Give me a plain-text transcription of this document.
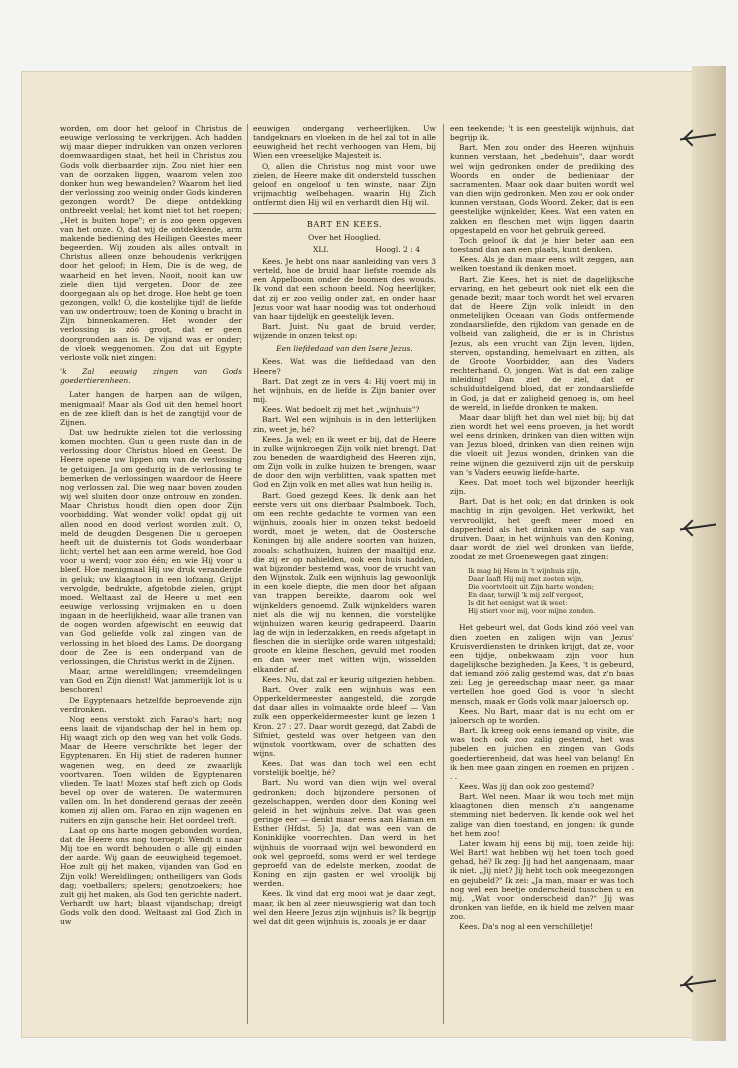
worden, om door het geloof in Christus de eeuwige verlossing te verkrijgen. Ach hadden wij maar dieper indrukken van onzen verloren doemwaardigen staat, het heil in Christus zou Gods volk dierbaarder zijn. Zou niet hier een van de oorzaken liggen, waarom velen zoo donker hun weg bewandelen? Waarom het lied der verlossing zoo weinig onder Gods kinderen gezongen wordt? De diepe ontdekking ontbreekt veelal; het komt niet tot het roepen; „Het is buiten hope"; er is zoo geen opgeven van het onze. O, dat wij de ontdekkende, arm makende bediening des Heiligen Geestes meer begeerden. Wij zouden als alles ontvalt in Christus alleen onze behoudenis verkrijgen door het geloof; in Hem, Die is de weg, de waarheid en het leven. Nooit, nooit kan uw ziele dien tijd vergeten. Door de zee doorgegaan als op het droge. Hoe hebt ge toen gezongen, volk! O, die kostelijke tijd! de liefde van uw ondertrouw; toen de Koning u bracht in Zijn binnenkameren. Het wonder der verlossing is zóó groot, dat er geen doorgronden aan is. De vijand was er onder; de vloek weggenomen. Zou dat uit Egypte verloste volk niet zingen:

'k Zal eeuwig zingen van Gods goedertierenheen.

Later hangen de harpen aan de wilgen, menigmaal! Maar als God uit den hemel hoort en de zee klieft dan is het de zangtijd voor de Zijnen.

Dat uw bedrukte zielen tot die verlossing komen mochten. Gun u geen ruste dan in de verlossing door Christus bloed en Geest. De Heere opene uw lippen om van de verlossing te getuigen. Ja om gedurig in de verlossing te bemerken de verlossingen waardoor de Heere nog verlossen zal. Die weg naar boven zouden wij wel sluiten door onze ontrouw en zonden. Maar Christus houdt dien open door Zijn voorbidding. Wat wonder volk! opdat gij uit allen nood en dood verlost worden zult. O, meld de deugden Desgenen Die u geroepen heeft uit de duisternis tot Gods wonderbaar licht; vertel het aan een arme wereld, hoe God voor u werd; voor zoo één; en wie Hij voor u bleef. Hoe menigmaal Hij uw druk veranderde in geluk; uw klaagtoon in een lofzang. Grijpt vervolgde, bedrukte, afgetobde zielen, grijpt moed. Weltaast zal de Heere u met een eeuwige verlossing vrijmaken en u doen ingaan in de heerlijkheid, waar alle tranen van de oogen worden afgewischt en eeuwig dat van God geliefde volk zal zingen van de verlossing in het bloed des Lams. De doorgang door de Zee is een onderpand van de verlossingen, die Christus werkt in de Zijnen.

Maar, arme wereldlingen; vreemdelingen van God en Zijn dienst! Wat jammerlijk lot is u beschoren!

De Egyptenaars hetzelfde beproevende zijn verdronken.

Nog eens verstokt zich Farao's hart; nog eens laait de vijandschap der hel in hem op. Hij waagt zich op den weg van het volk Gods. Maar de Heere verschrikte het leger der Egyptenaren. En Hij stiet de raderen hunner wagenen weg, en deed ze zwaarlijk voortvaren. Toen wilden de Egyptenaren vlieden. Te laat! Mozes staf heft zich op Gods bevel op over de wateren. De watermuren vallen om. In het donderend geraas der zeeën komen zij allen om. Farao en zijn wagenen en ruiters en zijn gansche heir. Het oordeel treft.

Laat op ons harte mogen gebonden worden, dat de Heere ons nog toeroept: Wendt u naar Mij toe en wordt behouden o alle gij einden der aarde. Wij gaan de eeuwigheid tegemoet. Hoe zult gij het maken, vijanden van God en Zijn volk! Wereldlingen; ontheiligers van Gods dag; voetballers; spelers; genotzoekers; hoe zult gij het maken, als God ten gerichte nadert. Verhardt uw hart; blaast vijandschap; dreigt Gods volk den dood. Weltaast zal God Zich in uw

eeuwigen ondergang verheerlijken. Uw tandgeknars en vloeken in de hel zal tot in alle eeuwigheid het recht verhoogen van Hem, bij Wien een vreeselijke Majesteit is.

O, allen die Christus nog mist voor uwe zielen, de Heere make dit ondersteld tusschen geloof en ongeloof u ten winste, naar Zijn vrijmachtig welbehagen. waarin Hij Zich ontfermt dien Hij wil en verhardt dien Hij wil.

BART EN KEES.
Over het Hooglied.
XLI.	Hoogl. 2 : 4

Kees. Je hebt ons naar aanleiding van vers 3 verteld, hoe de bruid haar liefste roemde als een Appelboom onder de boomen des wouds. Ik vond dat een schoon beeld. Nog heerlijker, dat zij er zoo veilig onder zat, en onder haar Jezus voor wat haar noodig was tot onderhoud van haar tijdelijk en geestelijk leven.

Bart. Juist. Nu gaat de bruid verder, wijzende in onzen tekst op:

Een liefdedaad van den Isere Jezus.

Kees. Wat was die liefdedaad van den Heere?

Bart. Dat zegt ze in vers 4: Hij voert mij in het wijnhuis, en de liefde is Zijn banier over mij.

Kees. Wat bedoelt zij met het „wijnhuis"?

Bart. Wel een wijnhuis is in den letterlijken zin, weet je, hé?

Kees. Ja wel; en ik weet er bij, dat de Heere in zulke wijnkroegen Zijn volk niet brengt. Dat zou beneden de waardigheid des Heeren zijn, om Zijn volk in zulke huizen te brengen, waar de door den wijn verblitten, vaak spatten met God en Zijn volk en met alles wat hun heilig is.

Bart. Goed gezegd Kees. Ik denk aan het eerste vers uit ons dierbaar Psalmboek. Toch, om een rechte gedachte te vormen van een wijnhuis, zooals hier in onzen tekst bedoeld wordt, moet je weten, dat de Oostersche Koningen bij alle andere soorten van huizen, zooals: schathuizen, huizen der maaltijd enz. die zij er op nahielden, ook een huis hadden, wat bijzonder bestemd was, voor de vrucht van den Wijnstok. Zulk een wijnhuis lag gewoonlijk in een koele diepte, die men door het afgaan van trappen bereikte, daarom ook wel wijnkelders genoemd. Zulk wijnkelders waren niet als die wij nu kennen, die vorstelijke wijnhuizen waren keurig gedrapeerd. Daarin lag de wijn in lederzakken, en reeds afgetapt in fleschen die in sierlijke orde waren uitgestald; groote en kleine fleschen, gevuld met rooden en dan weer met witten wijn, wisselden elkander af.

Kees. Nu, dat zal er keurig uitgezien hebben.

Bart. Over zulk een wijnhuis was een Opperkeldermeester aangesteld, die zorgde dat daar alles in volmaakte orde bleef — Van zulk een opperkeldermeester kunt ge lezen 1 Kron. 27 : 27. Daar wordt gezegd, dat Zabdi de Sifniet, gesteld was over hetgeen van den wijnstok voortkwam, over de schatten des wijns.

Kees. Dat was dan toch wel een echt vorstelijk boeltje, hé?

Bart. Nu word van dien wijn wel overal gedronken; doch bijzondere personen of gezelschappen, werden door den Koning wel geleid in het wijnhuis zelve. Dat was geen geringe eer — denkt maar eens aan Haman en Esther (Hfdst. 5) Ja, dat was een van de Koninklijke voorrechten. Dan werd in het wijnhuis de voorraad wijn wel bewonderd en ook wel geproefd, soms werd er wel terdege geproefd van de edelste merken, zoodat de Koning en zijn gasten er wel vroolijk bij werden.

Kees. Ik vind dat erg mooi wat je daar zegt, maar, ik ben al zeer nieuwsgierig wat dan toch wel den Heere Jezus zijn wijnhuis is? Ik begrijp wel dat dit geen wijnhuis is, zooals je er daar

een teekende; 't is een geestelijk wijnhuis, dat begrijp ik.

Bart. Men zou onder des Heeren wijnhuis kunnen verstaan, het „bedehuis", daar wordt wel wijn gedronken onder de prediking des Woords en onder de bedieniaar der sacramenten. Maar ook daar buiten wordt wel van dien wijn gedronken. Men zou er ook onder kunnen verstaan, Gods Woord. Zeker, dat is een geestelijke wijnkelder, Kees. Wat een vaten en zakken en fleschen met wijn liggen daarin opgestapeld en voor het gebruik gereed.

Toch geloof ik dat je hier beter aan een toestand dan aan een plaats, kunt denken.

Kees. Als je dan maar eens wilt zeggen, aan welken toestand ik denken moet.

Bart. Zie Kees, het is niet de dagelijksche ervaring, en het gebeurt ook niet elk een die genade bezit; maar toch wordt het wel ervaren dat de Heere Zijn volk inleidt in den onmetelijken Oceaan van Gods ontfermende zondaarsliefde, den rijkdom van genade en de volheid van zaligheid, die er is in Christus Jezus, als een vrucht van Zijn leven, lijden, sterven, opstanding, hemelvaart en zitten, als de Groote Voorbidder, aan des Vaders rechterhand. O, jongen. Wat is dat een zalige inleiding! Dan ziet de ziel, dat er schulduitdelgend bloed, dat er zondaarsliefde in God, ja dat er zaligheid genoeg is, om heel de wereld, in liefde dronken te maken.

Maar daar blijft het dan wel niet bij; bij dat zien wordt het wel eens proeven, ja het wordt wel eens drinken, drinken van dien witten wijn van Jezus bloed, drinken van dien reinen wijn die vloeit uit Jezus wonden, drinken van die reine wijnen die gezuiverd zijn uit de perskuip van 's Vaders eeuwig liefde-harte.

Kees. Dat moet toch wel bijzonder heerlijk zijn.

Bart. Dat is het ook; en dat drinken is ook machtig in zijn gevolgen. Het verkwikt, het vervroolijkt, het geeft meer moed en dapperheid als het drinken van de sap van druiven. Daar, in het wijnhuis van den Koning, daar wordt de ziel wel dronken van liefde, zoodat ze met Groenewegen gaat zingen:

Ik mag bij Hem in 't wijnhuis zijn,
Daar laaft Hij mij met zoeten wijn,
Die voortvloeit uit Zijn harte wonden;
En daar, terwijl 'k mij zelf vergeet,
Is dit het eenigst wat ik weet:
Hij stiert voor mij, voor mijne zonden.

Het gebeurt wel, dat Gods kind zóó veel van dien zoeten en zaligen wijn van Jezus' Kruisverdiensten te drinken krijgt, dat ze, voor een tijdje, onbekwaam zijn voor hun dagelijksche bezigheden. Ja Kees, 't is gebeurd, dat iemand zóó zalig gestemd was, dat z'n baas zei: Leg je gereedschap maar neer, ga maar vertellen hoe goed God is voor 'n slecht mensch, maak er Gods volk maar jaloersch op.

Kees. Nu Bart, maar dat is nu echt om er jaloersch op te worden.

Bart. Ik kreeg ook eens iemand op visite, die was toch ook zoo zalig gestemd, het was jubelen en juichen en zingen van Gods goedertierenheid, dat was heel van belang! En ik ben mee gaan zingen en roemen en prijzen . . .

Kees. Was jij dan ook zoo gestemd?

Bart. Wel neen. Maar ik wou toch met mijn klaagtonen dien mensch z'n aangename stemming niet bederven. Ik kende ook wel het zalige van dien toestand, en jongen: ik gunde het hem zoo!

Later kwam hij eens bij mij, toen zeide hij: Wel Bart! wat hebben wij het toen toch goed gehad, hé? Ik zeg: Jij had het aangenaam, maar ik niet. „Jij niet? Jij hebt toch ook meegezongen en gejubeld?" Ik zei: „Ja man, maar er was toch nog wel een beetje onderscheid tusschen u en mij. „Wat voor onderscheid dan?" Jij was dronken van liefde, en ik hield me zelven maar zoo.

Kees. Da's nog al een verschilletje!
